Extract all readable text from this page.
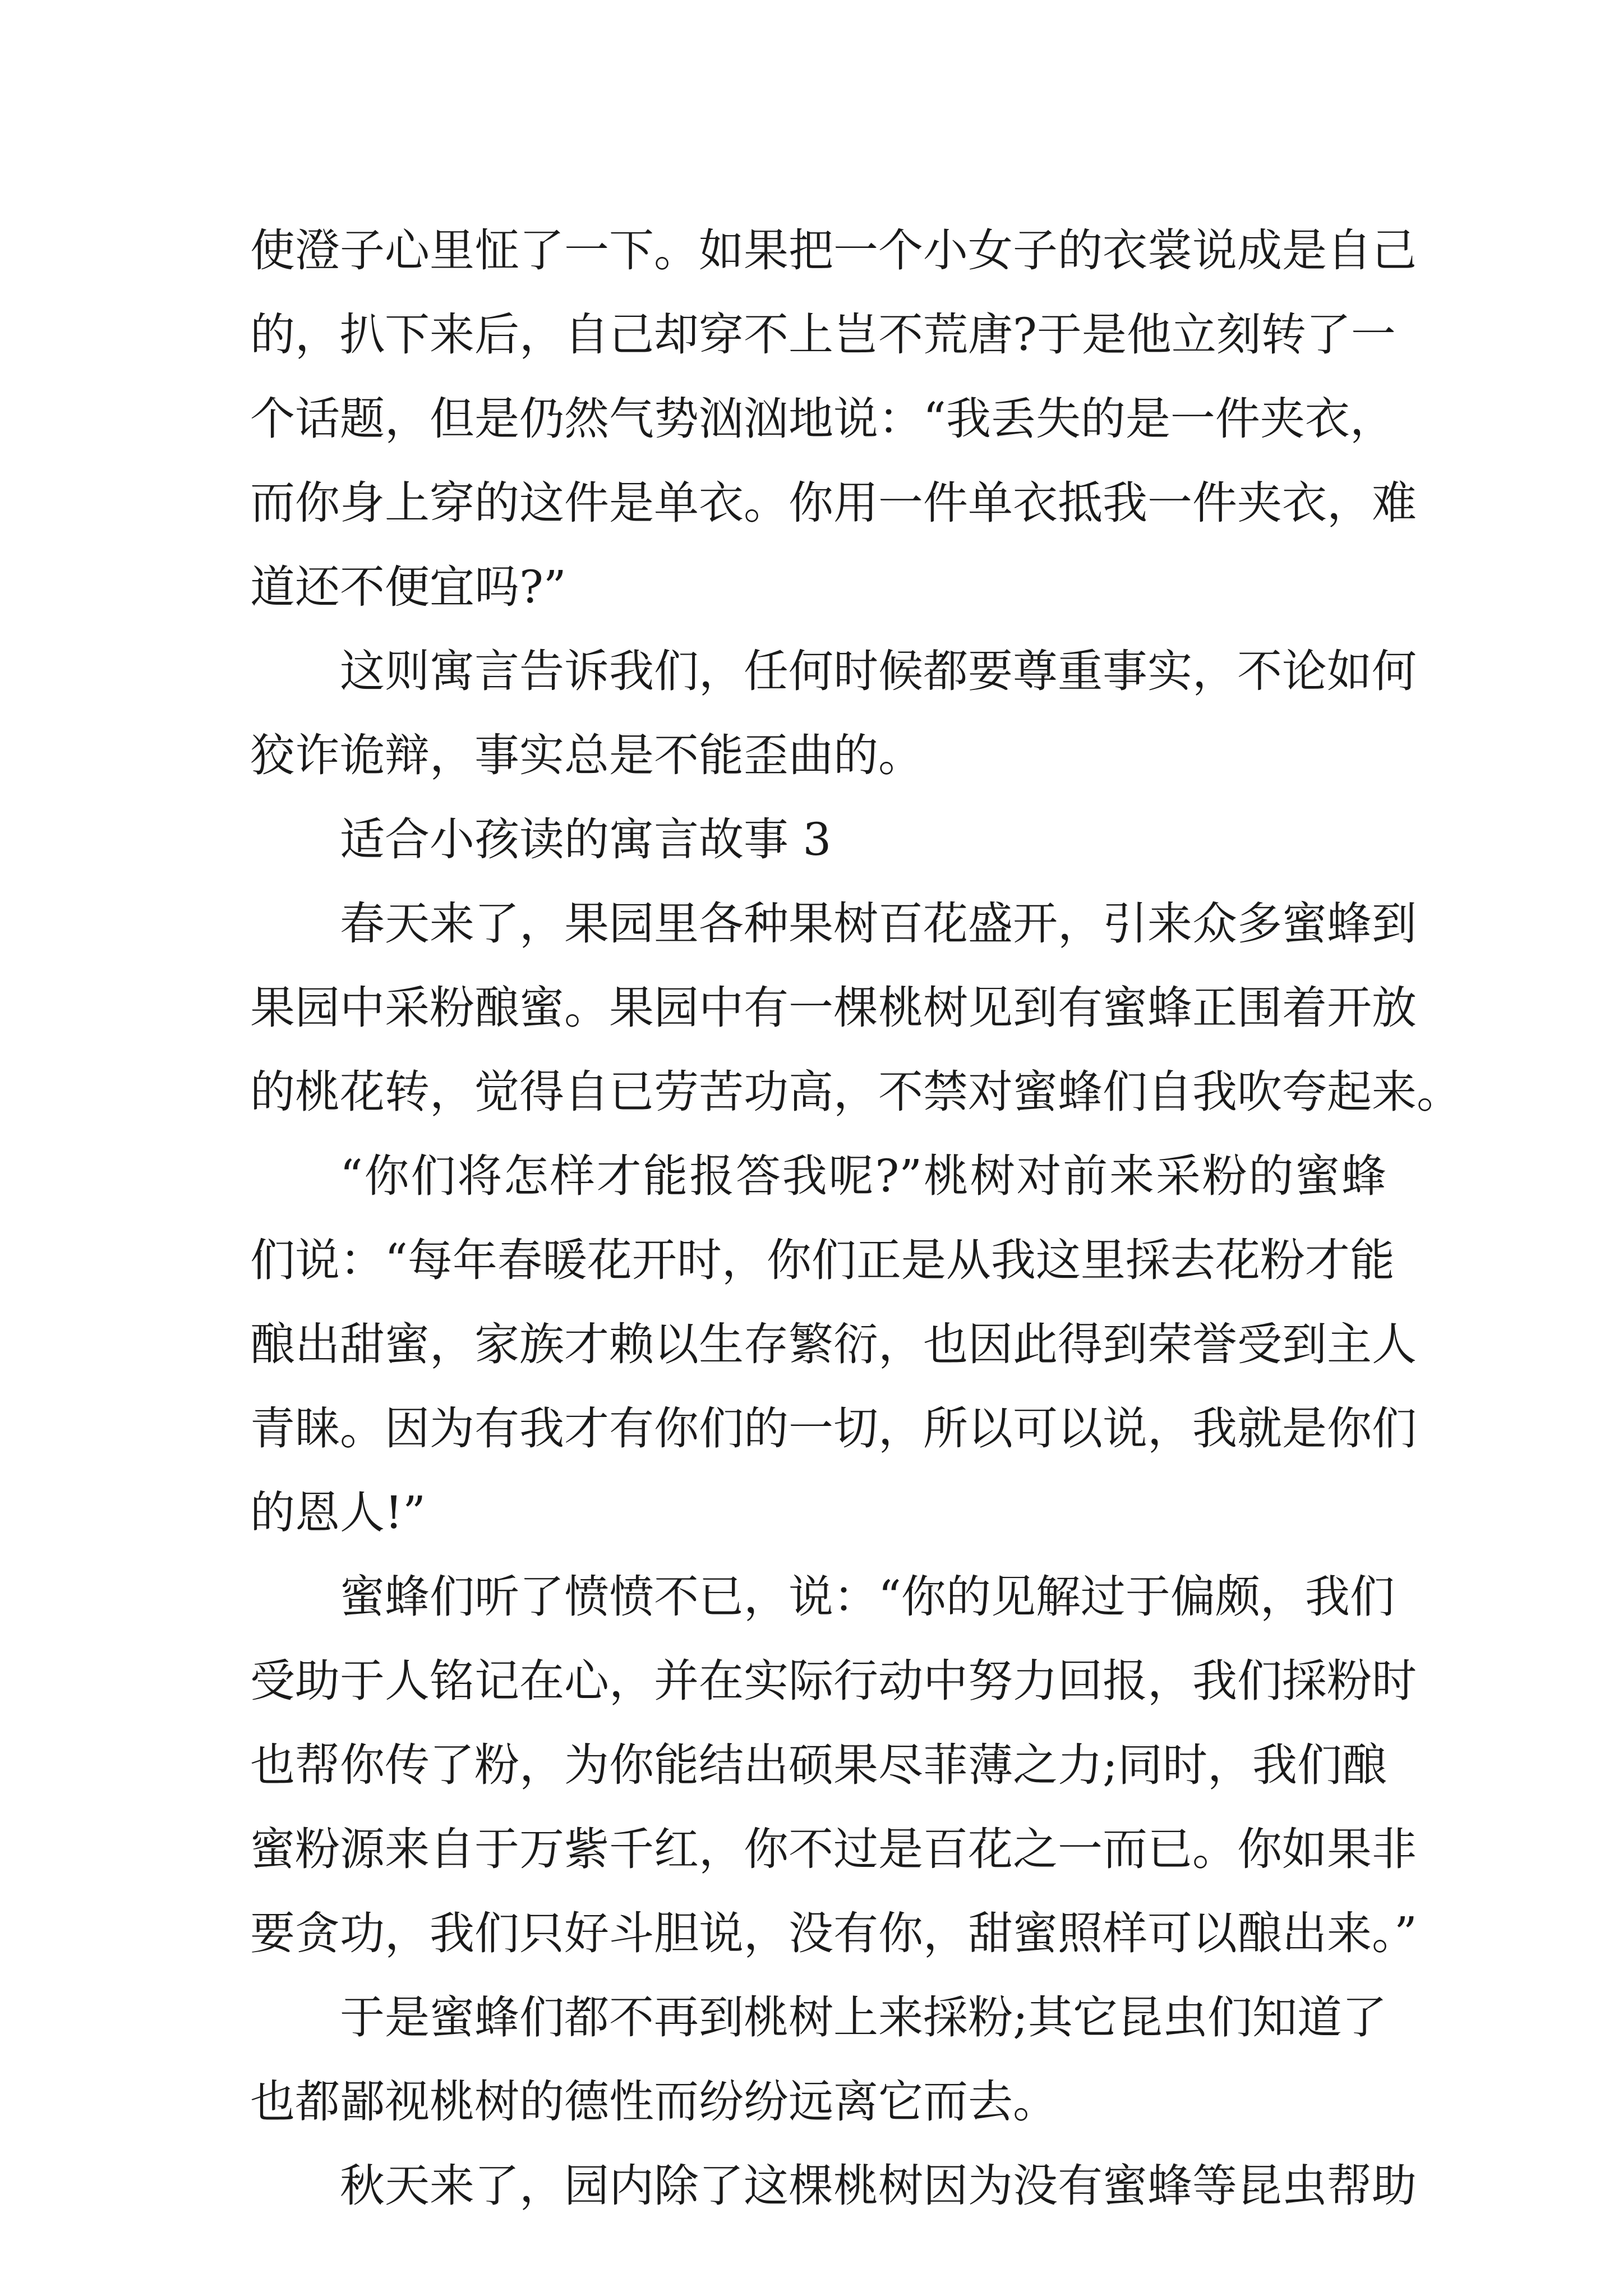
使澄子心里怔了一下。如果把一个小女子的衣裳说成是自己
的，扒下来后，自己却穿不上岂不荒唐?于是他立刻转了一
个话题，但是仍然气势汹汹地说：“我丢失的是一件夹衣，
而你身上穿的这件是单衣。你用一件单衣抵我一件夹衣，难
道还不便宜吗?”
这则寓言告诉我们，任何时候都要尊重事实，不论如何
狡诈诡辩，事实总是不能歪曲的。
适合小孩读的寓言故事 3
春天来了，果园里各种果树百花盛开，引来众多蜜蜂到
果园中采粉酿蜜。果园中有一棵桃树见到有蜜蜂正围着开放
的桃花转，觉得自已劳苦功高，不禁对蜜蜂们自我吹夸起来。
“你们将怎样才能报答我呢?”桃树对前来采粉的蜜蜂
们说：“每年春暖花开时，你们正是从我这里採去花粉才能
酿出甜蜜，家族才赖以生存繁衍，也因此得到荣誉受到主人
青睐。因为有我才有你们的一切，所以可以说，我就是你们
的恩人!”
蜜蜂们听了愤愤不已，说：“你的见解过于偏颇，我们
受助于人铭记在心，并在实际行动中努力回报，我们採粉时
也帮你传了粉，为你能结出硕果尽菲薄之力;同时，我们酿
蜜粉源来自于万紫千红，你不过是百花之一而已。你如果非
要贪功，我们只好斗胆说，没有你，甜蜜照样可以酿出来。”
于是蜜蜂们都不再到桃树上来採粉;其它昆虫们知道了
也都鄙视桃树的德性而纷纷远离它而去。
秋天来了，园内除了这棵桃树因为没有蜜蜂等昆虫帮助
